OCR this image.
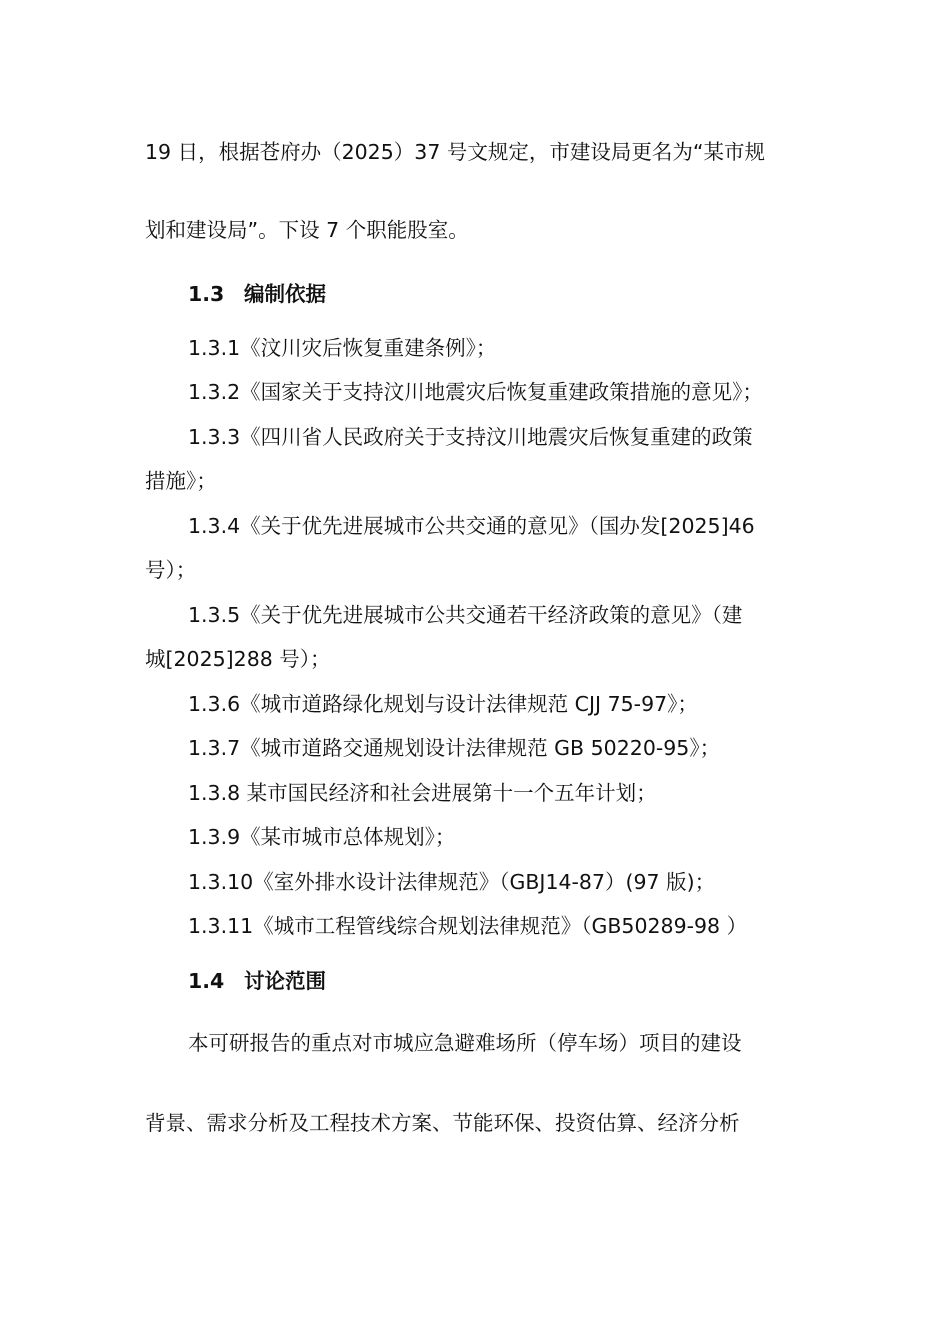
19 日，根据苍府办（2025）37 号文规定，市建设局更名为“某市规
划和建设局”。下设 7 个职能股室。
1.3 编制依据
1.3.1《汶川灾后恢复重建条例》；
1.3.2《国家关于支持汶川地震灾后恢复重建政策措施的意见》；
1.3.3《四川省人民政府关于支持汶川地震灾后恢复重建的政策
措施》；
1.3.4《关于优先进展城市公共交通的意见》（国办发[2025]46
号）；
1.3.5《关于优先进展城市公共交通若干经济政策的意见》（建
城[2025]288 号）；
1.3.6《城市道路绿化规划与设计法律规范 CJJ 75-97》；
1.3.7《城市道路交通规划设计法律规范 GB 50220-95》；
1.3.8 某市国民经济和社会进展第十一个五年计划；
1.3.9《某市城市总体规划》；
1.3.10《室外排水设计法律规范》（GBJ14-87）(97 版)；
1.3.11《城市工程管线综合规划法律规范》（GB50289-98 ）
1.4 讨论范围
本可研报告的重点对市城应急避难场所（停车场）项目的建设
背景、需求分析及工程技术方案、节能环保、投资估算、经济分析
